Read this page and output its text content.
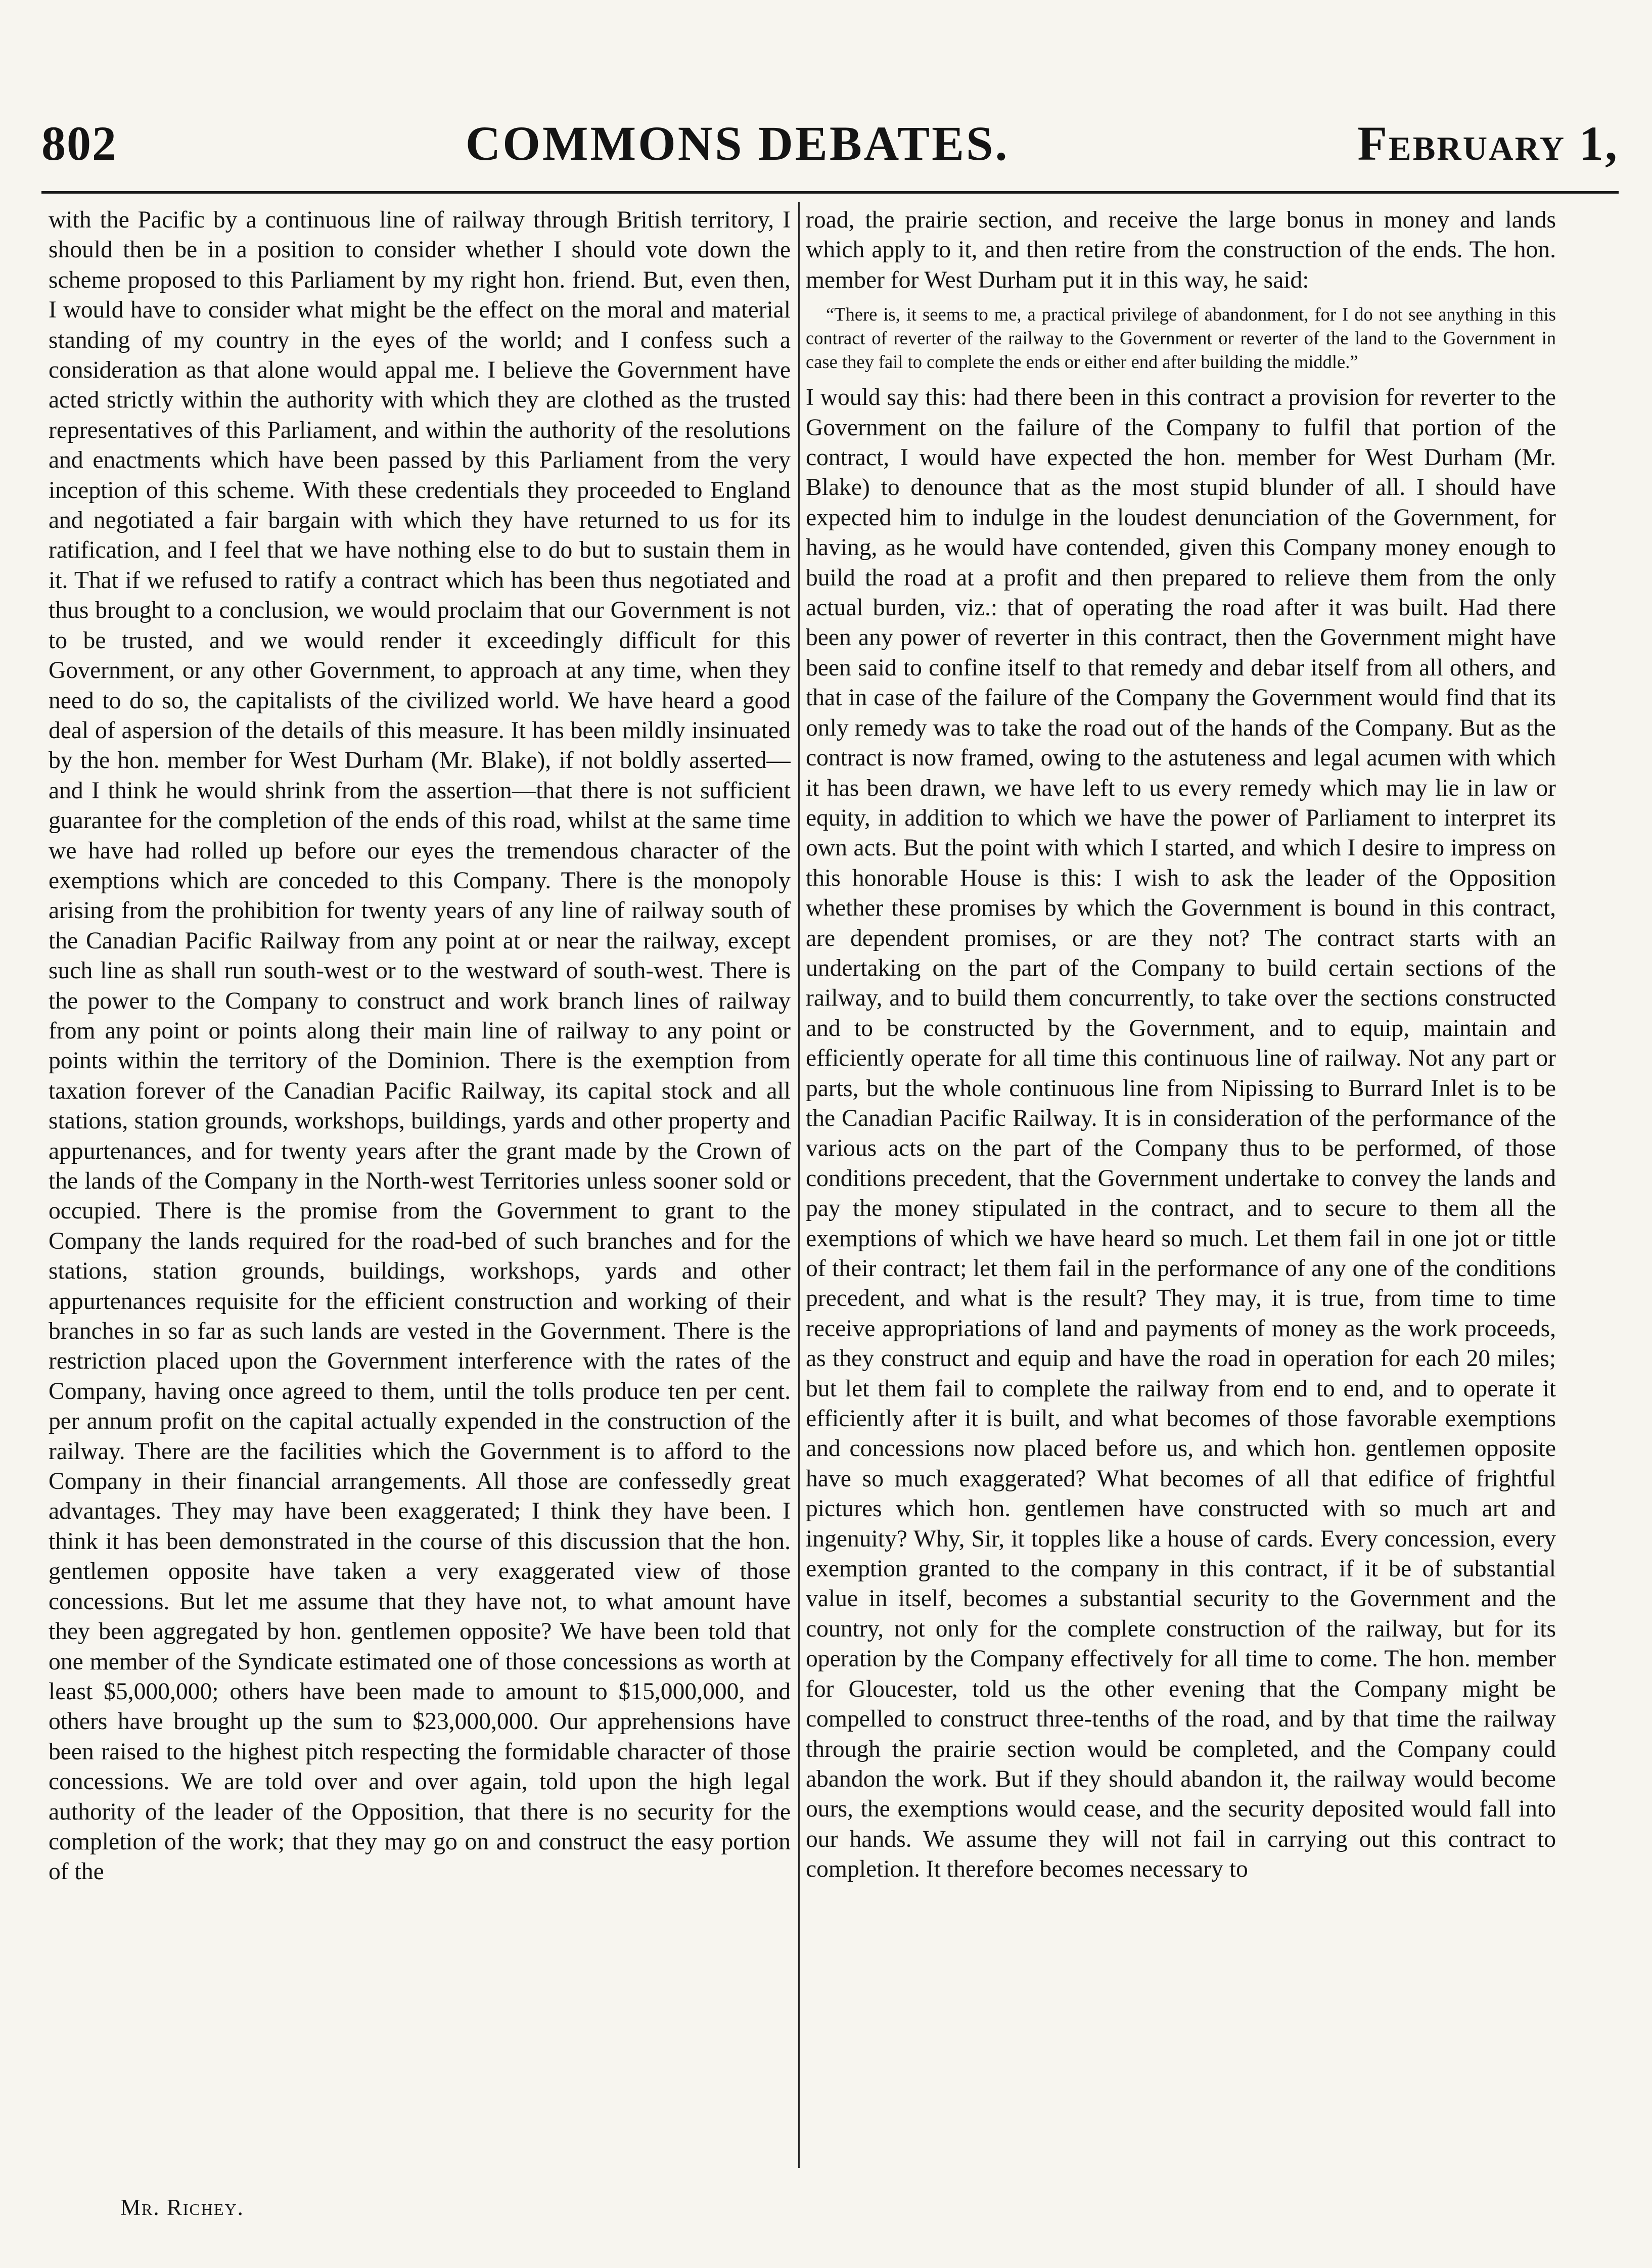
802	COMMONS DEBATES.	February 1,

with the Pacific by a continuous line of railway through British territory, I should then be in a position to consider whether I should vote down the scheme proposed to this Parliament by my right hon. friend. But, even then, I would have to consider what might be the effect on the moral and material standing of my country in the eyes of the world; and I confess such a consideration as that alone would appal me. I believe the Government have acted strictly within the authority with which they are clothed as the trusted representatives of this Parliament, and within the authority of the resolutions and enactments which have been passed by this Parliament from the very inception of this scheme. With these credentials they proceeded to England and negotiated a fair bargain with which they have returned to us for its ratification, and I feel that we have nothing else to do but to sustain them in it. That if we refused to ratify a contract which has been thus negotiated and thus brought to a conclusion, we would proclaim that our Government is not to be trusted, and we would render it exceedingly difficult for this Government, or any other Government, to approach at any time, when they need to do so, the capitalists of the civilized world. We have heard a good deal of aspersion of the details of this measure. It has been mildly insinuated by the hon. member for West Durham (Mr. Blake), if not boldly asserted—and I think he would shrink from the assertion—that there is not sufficient guarantee for the completion of the ends of this road, whilst at the same time we have had rolled up before our eyes the tremendous character of the exemptions which are conceded to this Company. There is the monopoly arising from the prohibition for twenty years of any line of railway south of the Canadian Pacific Railway from any point at or near the railway, except such line as shall run south-west or to the westward of south-west. There is the power to the Company to construct and work branch lines of railway from any point or points along their main line of railway to any point or points within the territory of the Dominion. There is the exemption from taxation forever of the Canadian Pacific Railway, its capital stock and all stations, station grounds, workshops, buildings, yards and other property and appurtenances, and for twenty years after the grant made by the Crown of the lands of the Company in the North-west Territories unless sooner sold or occupied. There is the promise from the Government to grant to the Company the lands required for the road-bed of such branches and for the stations, station grounds, buildings, workshops, yards and other appurtenances requisite for the efficient construction and working of their branches in so far as such lands are vested in the Government. There is the restriction placed upon the Government interference with the rates of the Company, having once agreed to them, until the tolls produce ten per cent. per annum profit on the capital actually expended in the construction of the railway. There are the facilities which the Government is to afford to the Company in their financial arrangements. All those are confessedly great advantages. They may have been exaggerated; I think they have been. I think it has been demonstrated in the course of this discussion that the hon. gentlemen opposite have taken a very exaggerated view of those concessions. But let me assume that they have not, to what amount have they been aggregated by hon. gentlemen opposite? We have been told that one member of the Syndicate estimated one of those concessions as worth at least $5,000,000; others have been made to amount to $15,000,000, and others have brought up the sum to $23,000,000. Our apprehensions have been raised to the highest pitch respecting the formidable character of those concessions. We are told over and over again, told upon the high legal authority of the leader of the Opposition, that there is no security for the completion of the work; that they may go on and construct the easy portion of the

road, the prairie section, and receive the large bonus in money and lands which apply to it, and then retire from the construction of the ends. The hon. member for West Durham put it in this way, he said:

“There is, it seems to me, a practical privilege of abandonment, for I do not see anything in this contract of reverter of the railway to the Government or reverter of the land to the Government in case they fail to complete the ends or either end after building the middle.”

I would say this: had there been in this contract a provision for reverter to the Government on the failure of the Company to fulfil that portion of the contract, I would have expected the hon. member for West Durham (Mr. Blake) to denounce that as the most stupid blunder of all. I should have expected him to indulge in the loudest denunciation of the Government, for having, as he would have contended, given this Company money enough to build the road at a profit and then prepared to relieve them from the only actual burden, viz.: that of operating the road after it was built. Had there been any power of reverter in this contract, then the Government might have been said to confine itself to that remedy and debar itself from all others, and that in case of the failure of the Company the Government would find that its only remedy was to take the road out of the hands of the Company. But as the contract is now framed, owing to the astuteness and legal acumen with which it has been drawn, we have left to us every remedy which may lie in law or equity, in addition to which we have the power of Parliament to interpret its own acts. But the point with which I started, and which I desire to impress on this honorable House is this: I wish to ask the leader of the Opposition whether these promises by which the Government is bound in this contract, are dependent promises, or are they not? The contract starts with an undertaking on the part of the Company to build certain sections of the railway, and to build them concurrently, to take over the sections constructed and to be constructed by the Government, and to equip, maintain and efficiently operate for all time this continuous line of railway. Not any part or parts, but the whole continuous line from Nipissing to Burrard Inlet is to be the Canadian Pacific Railway. It is in consideration of the performance of the various acts on the part of the Company thus to be performed, of those conditions precedent, that the Government undertake to convey the lands and pay the money stipulated in the contract, and to secure to them all the exemptions of which we have heard so much. Let them fail in one jot or tittle of their contract; let them fail in the performance of any one of the conditions precedent, and what is the result? They may, it is true, from time to time receive appropriations of land and payments of money as the work proceeds, as they construct and equip and have the road in operation for each 20 miles; but let them fail to complete the railway from end to end, and to operate it efficiently after it is built, and what becomes of those favorable exemptions and concessions now placed before us, and which hon. gentlemen opposite have so much exaggerated? What becomes of all that edifice of frightful pictures which hon. gentlemen have constructed with so much art and ingenuity? Why, Sir, it topples like a house of cards. Every concession, every exemption granted to the company in this contract, if it be of substantial value in itself, becomes a substantial security to the Government and the country, not only for the complete construction of the railway, but for its operation by the Company effectively for all time to come. The hon. member for Gloucester, told us the other evening that the Company might be compelled to construct three-tenths of the road, and by that time the railway through the prairie section would be completed, and the Company could abandon the work. But if they should abandon it, the railway would become ours, the exemptions would cease, and the security deposited would fall into our hands. We assume they will not fail in carrying out this contract to completion. It therefore becomes necessary to

Mr. Richey.
